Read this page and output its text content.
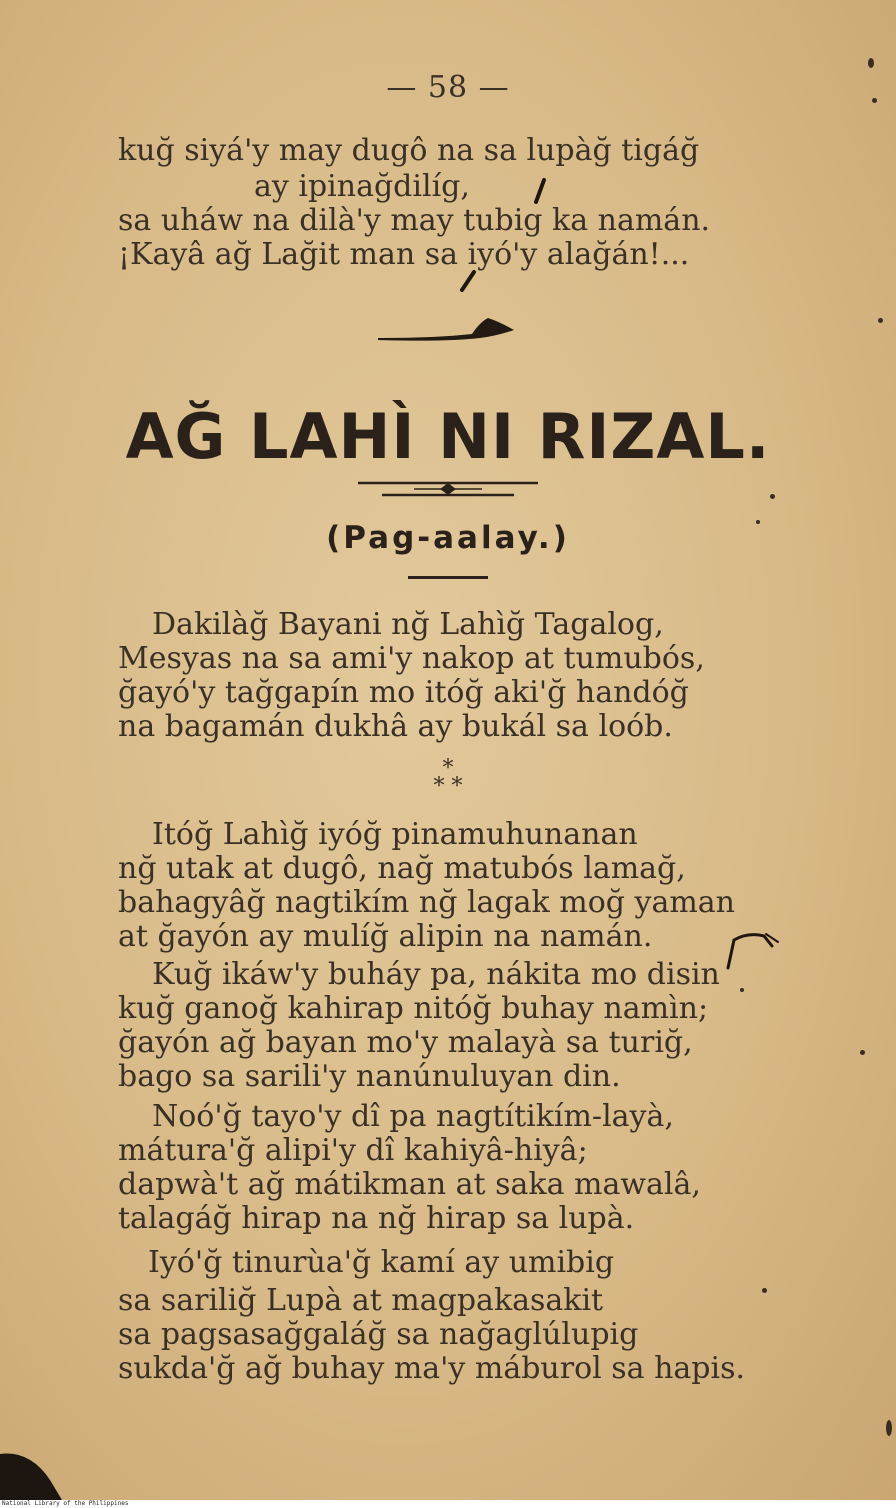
— 58 —
kuğ siyá'y may dugô na sa lupàğ tigáğ
ay ipinağdilíg,
sa uháw na dilà'y may tubig ka namán.
¡Kayâ ağ Lağit man sa iyó'y alağán!...
AĞ LAHÌ NI RIZAL.
(Pag-aalay.)
Dakilàğ Bayani nğ Lahìğ Tagalog,
Mesyas na sa ami'y nakop at tumubós,
ğayó'y tağgapín mo itóğ aki'ğ handóğ
na bagamán dukhâ ay bukál sa loób.
*
* *
Itóğ Lahìğ iyóğ pinamuhunanan
nğ utak at dugô, nağ matubós lamağ,
bahagyâğ nagtikím nğ lagak moğ yaman
at ğayón ay mulíğ alipin na namán.
Kuğ ikáw'y buháy pa, nákita mo disin
kuğ ganoğ kahirap nitóğ buhay namìn;
ğayón ağ bayan mo'y malayà sa turiğ,
bago sa sarili'y nanúnuluyan din.
Noó'ğ tayo'y dî pa nagtítikím-layà,
mátura'ğ alipi'y dî kahiyâ-hiyâ;
dapwà't ağ mátikman at saka mawalâ,
talagáğ hirap na nğ hirap sa lupà.
Iyó'ğ tinurùa'ğ kamí ay umibig
sa sariliğ Lupà at magpakasakit
sa pagsasağgaláğ sa nağaglúlupig
sukda'ğ ağ buhay ma'y máburol sa hapis.
National Library of the Philippines
